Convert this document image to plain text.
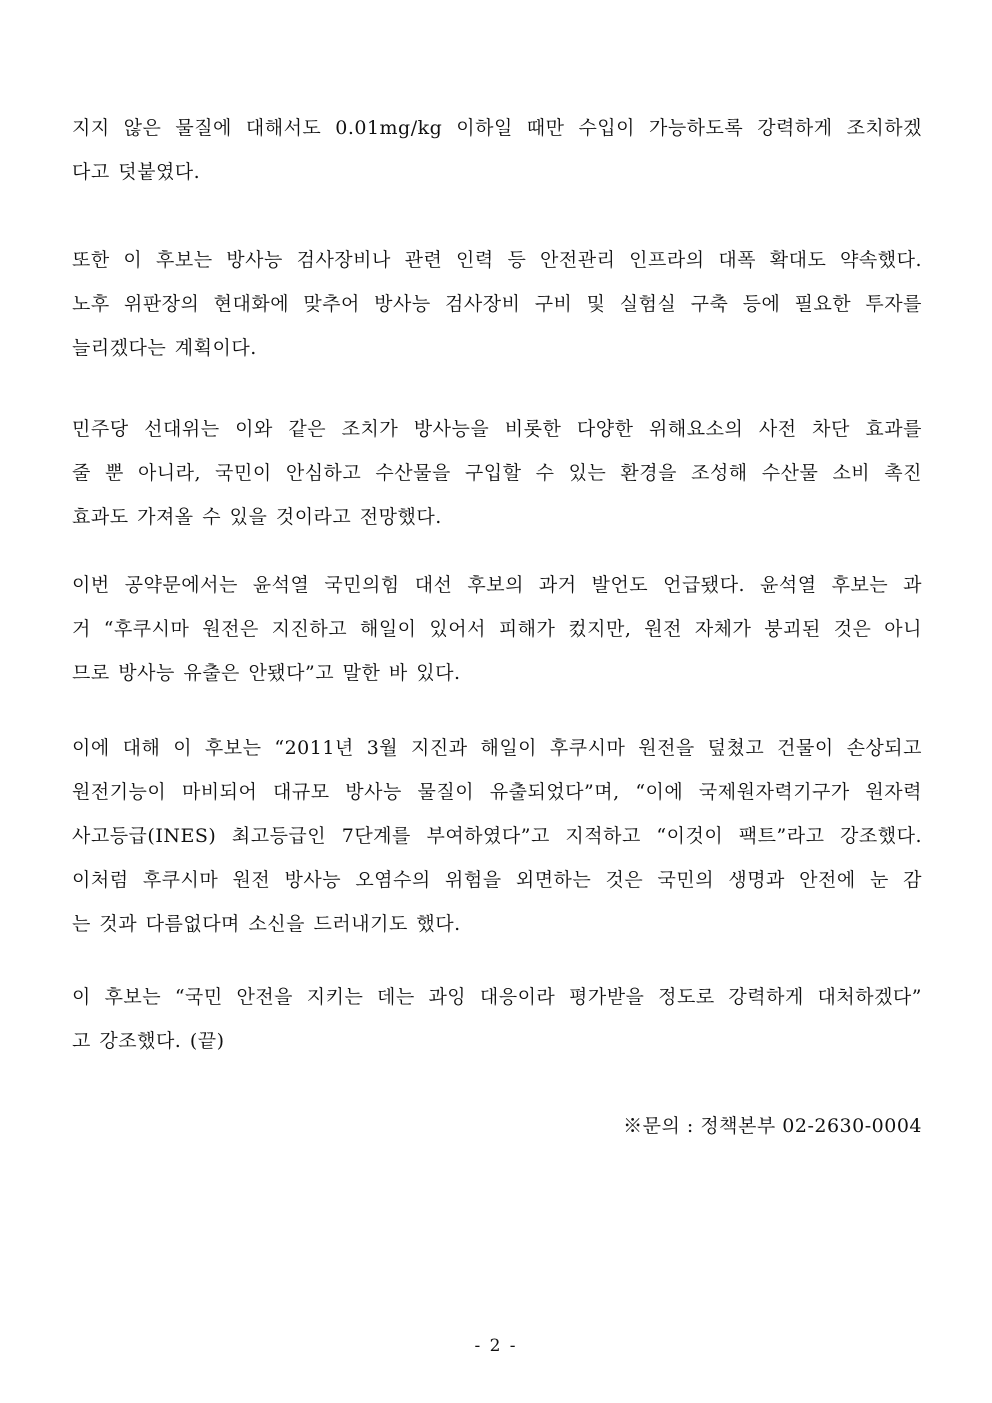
지지 않은 물질에 대해서도 0.01mg/kg 이하일 때만 수입이 가능하도록 강력하게 조치하겠
다고 덧붙였다.
또한 이 후보는 방사능 검사장비나 관련 인력 등 안전관리 인프라의 대폭 확대도 약속했다.
노후 위판장의 현대화에 맞추어 방사능 검사장비 구비 및 실험실 구축 등에 필요한 투자를
늘리겠다는 계획이다.
민주당 선대위는 이와 같은 조치가 방사능을 비롯한 다양한 위해요소의 사전 차단 효과를
줄 뿐 아니라, 국민이 안심하고 수산물을 구입할 수 있는 환경을 조성해 수산물 소비 촉진
효과도 가져올 수 있을 것이라고 전망했다.
이번 공약문에서는 윤석열 국민의힘 대선 후보의 과거 발언도 언급됐다. 윤석열 후보는 과
거 “후쿠시마 원전은 지진하고 해일이 있어서 피해가 컸지만, 원전 자체가 붕괴된 것은 아니
므로 방사능 유출은 안됐다”고 말한 바 있다.
이에 대해 이 후보는 “2011년 3월 지진과 해일이 후쿠시마 원전을 덮쳤고 건물이 손상되고
원전기능이 마비되어 대규모 방사능 물질이 유출되었다”며, “이에 국제원자력기구가 원자력
사고등급(INES) 최고등급인 7단계를 부여하였다”고 지적하고 “이것이 팩트”라고 강조했다.
이처럼 후쿠시마 원전 방사능 오염수의 위험을 외면하는 것은 국민의 생명과 안전에 눈 감
는 것과 다름없다며 소신을 드러내기도 했다.
이 후보는 “국민 안전을 지키는 데는 과잉 대응이라 평가받을 정도로 강력하게 대처하겠다”
고 강조했다. (끝)
※문의 : 정책본부 02-2630-0004
- 2 -
